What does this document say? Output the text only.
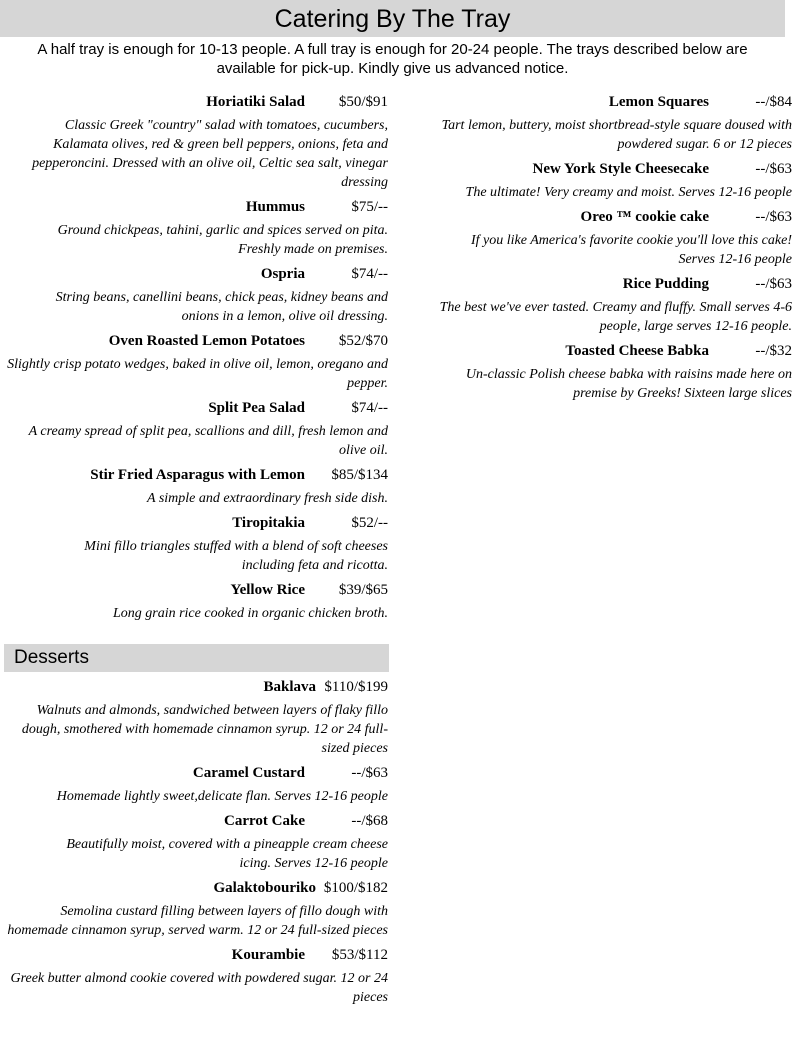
Catering By The Tray

A half tray is enough for 10-13 people. A full tray is enough for 20-24 people. The trays described below are available for pick-up. Kindly give us advanced notice.

Horiatiki Salad	$50/$91

Classic Greek "country" salad with tomatoes, cucumbers, Kalamata olives, red & green bell peppers, onions, feta and pepperoncini. Dressed with an olive oil, Celtic sea salt, vinegar dressing

Hummus	$75/--

Ground chickpeas, tahini, garlic and spices served on pita. Freshly made on premises.

Ospria	$74/--

String beans, canellini beans, chick peas, kidney beans and onions in a lemon, olive oil dressing.

Oven Roasted Lemon Potatoes	$52/$70

Slightly crisp potato wedges, baked in olive oil, lemon, oregano and pepper.

Split Pea Salad	$74/--

A creamy spread of split pea, scallions and dill, fresh lemon and olive oil.

Stir Fried Asparagus with Lemon	$85/$134

A simple and extraordinary fresh side dish.

Tiropitakia	$52/--

Mini fillo triangles stuffed with a blend of soft cheeses including feta and ricotta.

Yellow Rice	$39/$65

Long grain rice cooked in organic chicken broth.

Desserts
Baklava $110/$199

Walnuts and almonds, sandwiched between layers of flaky fillo dough, smothered with homemade cinnamon syrup. 12 or 24 full-sized pieces

Caramel Custard	--/$63

Homemade lightly sweet,delicate flan. Serves 12-16 people

Carrot Cake	--/$68

Beautifully moist, covered with a pineapple cream cheese icing. Serves 12-16 people

Galaktobouriko $100/$182

Semolina custard filling between layers of fillo dough with homemade cinnamon syrup, served warm. 12 or 24 full-sized pieces

Kourambie	$53/$112

Greek butter almond cookie covered with powdered sugar. 12 or 24 pieces

Lemon Squares	--/$84

Tart lemon, buttery, moist shortbread-style square doused with powdered sugar. 6 or 12 pieces

New York Style Cheesecake	--/$63

The ultimate! Very creamy and moist. Serves 12-16 people

Oreo ™ cookie cake	--/$63

If you like America's favorite cookie you'll love this cake! Serves 12-16 people

Rice Pudding	--/$63

The best we've ever tasted. Creamy and fluffy. Small serves 4-6 people, large serves 12-16 people.

Toasted Cheese Babka	--/$32

Un-classic Polish cheese babka with raisins made here on premise by Greeks! Sixteen large slices
